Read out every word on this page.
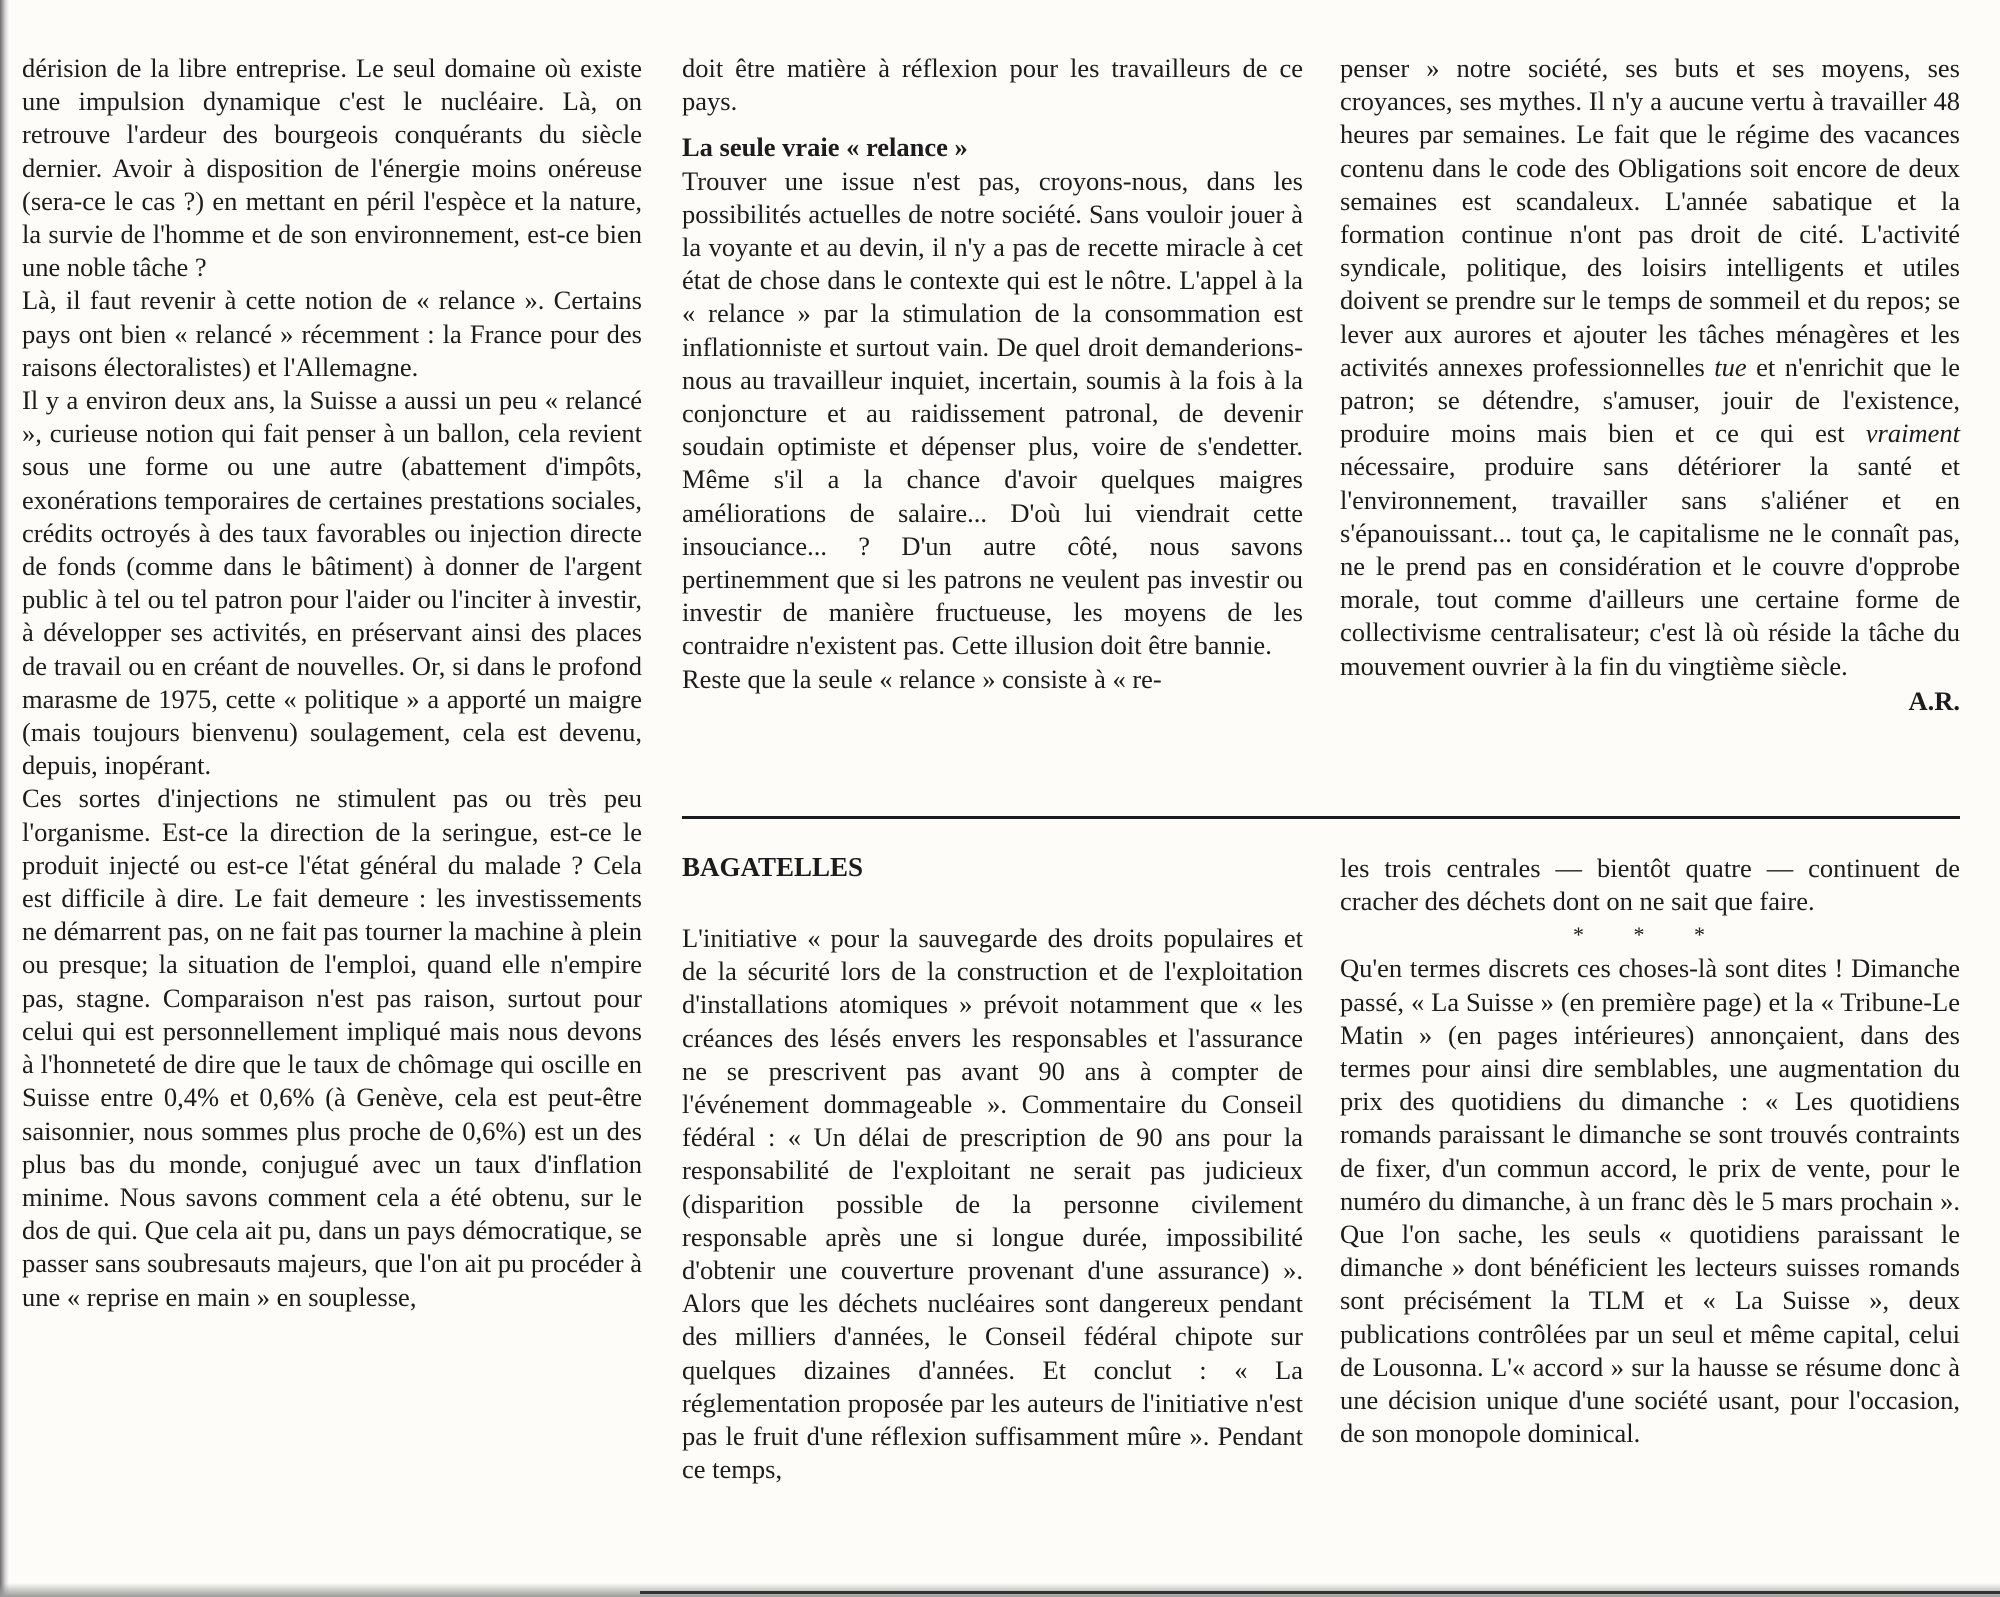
dérision de la libre entreprise. Le seul domaine où existe une impulsion dynamique c'est le nucléaire. Là, on retrouve l'ardeur des bourgeois conquérants du siècle dernier. Avoir à disposition de l'énergie moins onéreuse (sera-ce le cas ?) en mettant en péril l'espèce et la nature, la survie de l'homme et de son environnement, est-ce bien une noble tâche ?

Là, il faut revenir à cette notion de « relance ». Certains pays ont bien « relancé » récemment : la France pour des raisons électoralistes) et l'Allemagne.

Il y a environ deux ans, la Suisse a aussi un peu « relancé », curieuse notion qui fait penser à un ballon, cela revient sous une forme ou une autre (abattement d'impôts, exonérations temporaires de certaines prestations sociales, crédits octroyés à des taux favorables ou injection directe de fonds (comme dans le bâtiment) à donner de l'argent public à tel ou tel patron pour l'aider ou l'inciter à investir, à développer ses activités, en préservant ainsi des places de travail ou en créant de nouvelles. Or, si dans le profond marasme de 1975, cette « politique » a apporté un maigre (mais toujours bienvenu) soulagement, cela est devenu, depuis, inopérant.

Ces sortes d'injections ne stimulent pas ou très peu l'organisme. Est-ce la direction de la seringue, est-ce le produit injecté ou est-ce l'état général du malade ? Cela est difficile à dire. Le fait demeure : les investissements ne démarrent pas, on ne fait pas tourner la machine à plein ou presque; la situation de l'emploi, quand elle n'empire pas, stagne. Comparaison n'est pas raison, surtout pour celui qui est personnellement impliqué mais nous devons à l'honneteté de dire que le taux de chômage qui oscille en Suisse entre 0,4% et 0,6% (à Genève, cela est peut-être saisonnier, nous sommes plus proche de 0,6%) est un des plus bas du monde, conjugué avec un taux d'inflation minime. Nous savons comment cela a été obtenu, sur le dos de qui. Que cela ait pu, dans un pays démocratique, se passer sans soubresauts majeurs, que l'on ait pu procéder à une « reprise en main » en souplesse,

doit être matière à réflexion pour les travailleurs de ce pays.

La seule vraie « relance »

Trouver une issue n'est pas, croyons-nous, dans les possibilités actuelles de notre société. Sans vouloir jouer à la voyante et au devin, il n'y a pas de recette miracle à cet état de chose dans le contexte qui est le nôtre. L'appel à la « relance » par la stimulation de la consommation est inflationniste et surtout vain. De quel droit demanderions-nous au travailleur inquiet, incertain, soumis à la fois à la conjoncture et au raidissement patronal, de devenir soudain optimiste et dépenser plus, voire de s'endetter. Même s'il a la chance d'avoir quelques maigres améliorations de salaire... D'où lui viendrait cette insouciance... ? D'un autre côté, nous savons pertinemment que si les patrons ne veulent pas investir ou investir de manière fructueuse, les moyens de les contraidre n'existent pas. Cette illusion doit être bannie.

Reste que la seule « relance » consiste à « re-

penser » notre société, ses buts et ses moyens, ses croyances, ses mythes. Il n'y a aucune vertu à travailler 48 heures par semaines. Le fait que le régime des vacances contenu dans le code des Obligations soit encore de deux semaines est scandaleux. L'année sabatique et la formation continue n'ont pas droit de cité. L'activité syndicale, politique, des loisirs intelligents et utiles doivent se prendre sur le temps de sommeil et du repos; se lever aux aurores et ajouter les tâches ménagères et les activités annexes professionnelles tue et n'enrichit que le patron; se détendre, s'amuser, jouir de l'existence, produire moins mais bien et ce qui est vraiment nécessaire, produire sans détériorer la santé et l'environnement, travailler sans s'aliéner et en s'épanouissant... tout ça, le capitalisme ne le connaît pas, ne le prend pas en considération et le couvre d'opprobe morale, tout comme d'ailleurs une certaine forme de collectivisme centralisateur; c'est là où réside la tâche du mouvement ouvrier à la fin du vingtième siècle.

A.R.
BAGATELLES

L'initiative « pour la sauvegarde des droits populaires et de la sécurité lors de la construction et de l'exploitation d'installations atomiques » prévoit notamment que « les créances des lésés envers les responsables et l'assurance ne se prescrivent pas avant 90 ans à compter de l'événement dommageable ». Commentaire du Conseil fédéral : « Un délai de prescription de 90 ans pour la responsabilité de l'exploitant ne serait pas judicieux (disparition possible de la personne civilement responsable après une si longue durée, impossibilité d'obtenir une couverture provenant d'une assurance) ». Alors que les déchets nucléaires sont dangereux pendant des milliers d'années, le Conseil fédéral chipote sur quelques dizaines d'années. Et conclut : « La réglementation proposée par les auteurs de l'initiative n'est pas le fruit d'une réflexion suffisamment mûre ». Pendant ce temps,

les trois centrales — bientôt quatre — continuent de cracher des déchets dont on ne sait que faire.

* * *

Qu'en termes discrets ces choses-là sont dites ! Dimanche passé, « La Suisse » (en première page) et la « Tribune-Le Matin » (en pages intérieures) annonçaient, dans des termes pour ainsi dire semblables, une augmentation du prix des quotidiens du dimanche : « Les quotidiens romands paraissant le dimanche se sont trouvés contraints de fixer, d'un commun accord, le prix de vente, pour le numéro du dimanche, à un franc dès le 5 mars prochain ». Que l'on sache, les seuls « quotidiens paraissant le dimanche » dont bénéficient les lecteurs suisses romands sont précisément la TLM et « La Suisse », deux publications contrôlées par un seul et même capital, celui de Lousonna. L'« accord » sur la hausse se résume donc à une décision unique d'une société usant, pour l'occasion, de son monopole dominical.
